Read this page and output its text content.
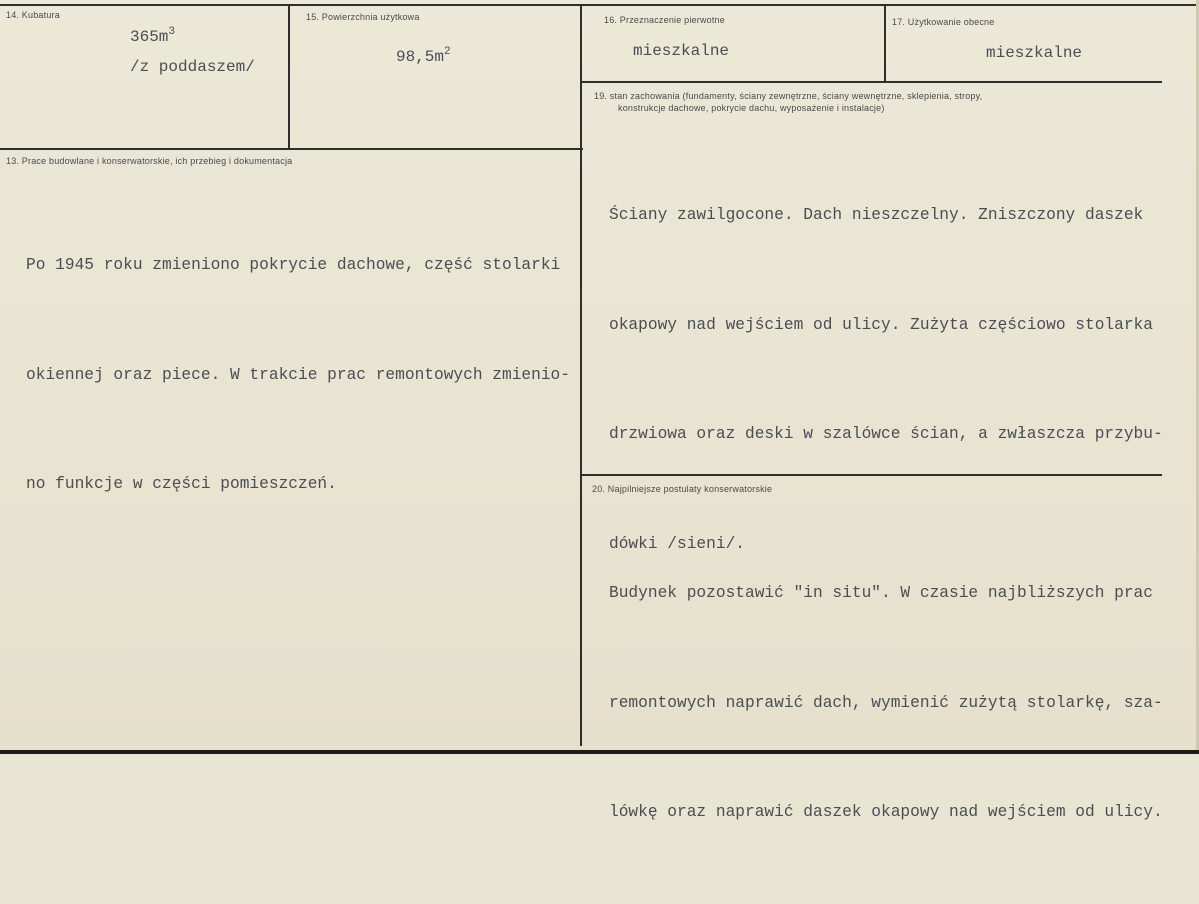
14. Kubatura
$365m^3$
/z poddaszem/
15. Powierzchnia użytkowa
$98,5m^2$
16. Przeznaczenie pierwotne
mieszkalne
17. Użytkowanie obecne
mieszkalne
13. Prace budowlane i konserwatorskie, ich przebieg i dokumentacja

Po 1945 roku zmieniono pokrycie dachowe, część stolarki

okiennej oraz piece. W trakcie prac remontowych zmienio-

no funkcje w części pomieszczeń.

19. stan zachowania (fundamenty, ściany zewnętrzne, ściany wewnętrzne, sklepienia, stropy,
konstrukcje dachowe, pokrycie dachu, wyposażenie i instalacje)

Ściany zawilgocone. Dach nieszczelny. Zniszczony daszek

okapowy nad wejściem od ulicy. Zużyta częściowo stolarka

drzwiowa oraz deski w szalówce ścian, a zwłaszcza przybu-

dówki /sieni/.

20. Najpilniejsze postulaty konserwatorskie

Budynek pozostawić "in situ". W czasie najbliższych prac

remontowych naprawić dach, wymienić zużytą stolarkę, sza-

lówkę oraz naprawić daszek okapowy nad wejściem od ulicy.
